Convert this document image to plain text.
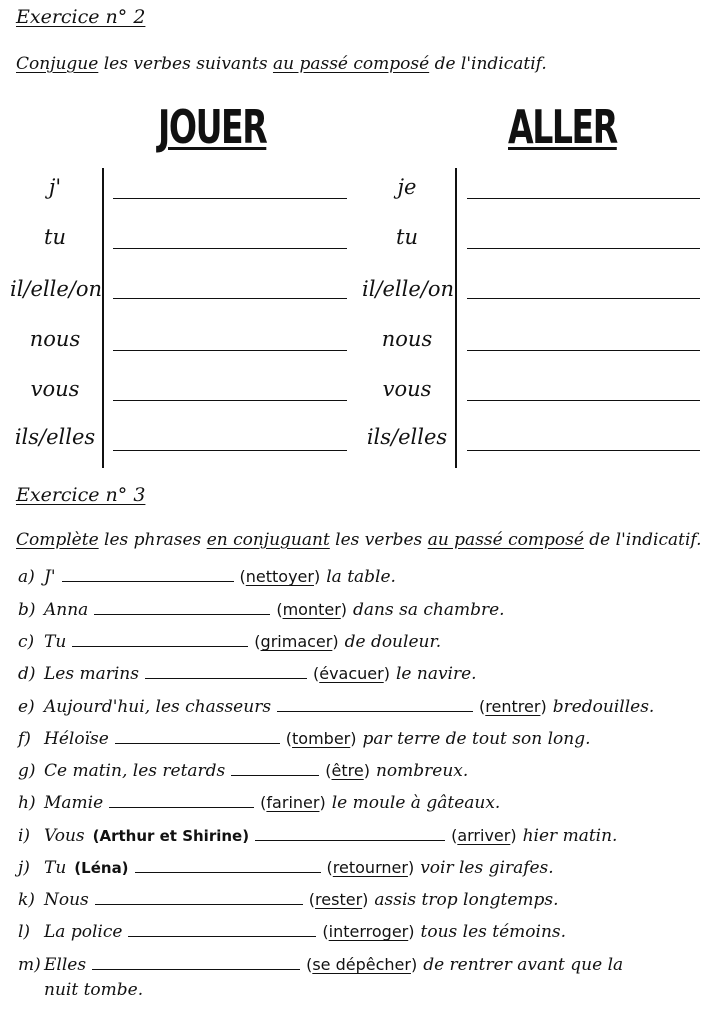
Exercice n° 2
Conjugue les verbes suivants au passé composé de l'indicatif.
JOUER	ALLER
j'	je
tu	tu
il/elle/on	il/elle/on
nous	nous
vous	vous
ils/elles	ils/elles
Exercice n° 3
Complète les phrases en conjuguant les verbes au passé composé de l'indicatif.
a) J'	(nettoyer) la table.
b) Anna	(monter) dans sa chambre.
c) Tu	(grimacer) de douleur.
d) Les marins	(évacuer) le navire.
e) Aujourd'hui, les chasseurs	(rentrer) bredouilles.
f) Héloïse	(tomber) par terre de tout son long.
g) Ce matin, les retards	(être) nombreux.
h) Mamie	(fariner) le moule à gâteaux.
i) Vous (Arthur et Shirine)	(arriver) hier matin.
j) Tu (Léna)	(retourner) voir les girafes.
k) Nous	(rester) assis trop longtemps.
l) La police	(interroger) tous les témoins.
m) Elles	(se dépêcher) de rentrer avant que la
nuit tombe.
